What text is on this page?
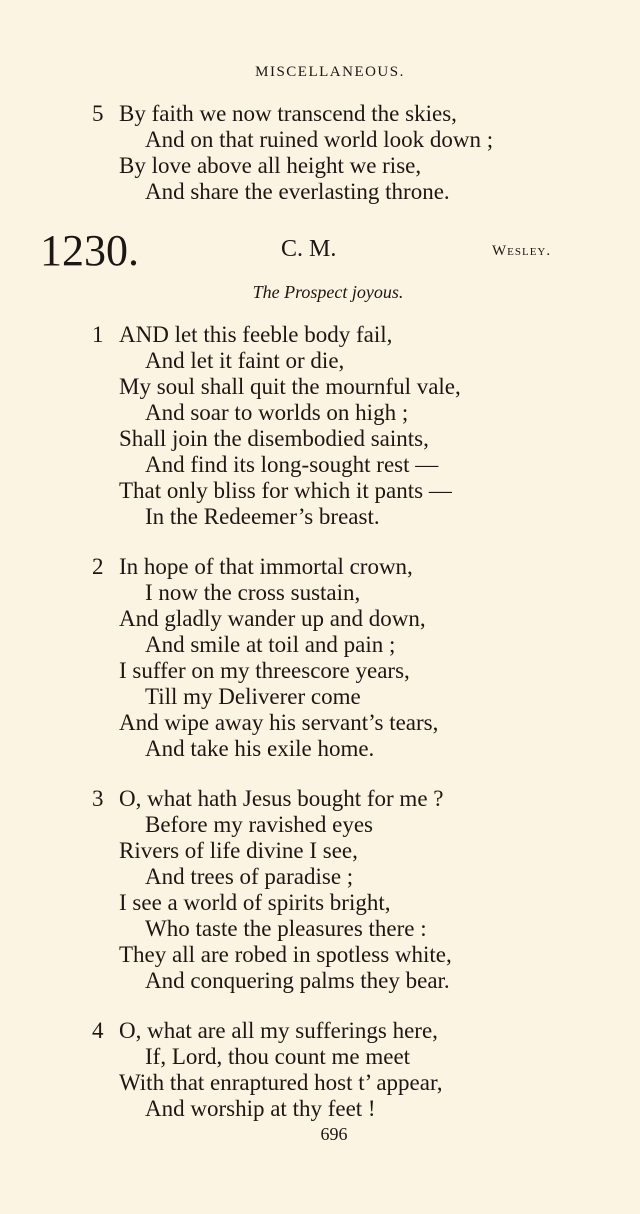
MISCELLANEOUS.
5 By faith we now transcend the skies,
And on that ruined world look down ;
By love above all height we rise,
And share the everlasting throne.
1230.	C. M.	Wesley.
The Prospect joyous.
1 AND let this feeble body fail,
And let it faint or die,
My soul shall quit the mournful vale,
And soar to worlds on high ;
Shall join the disembodied saints,
And find its long-sought rest —
That only bliss for which it pants —
In the Redeemer’s breast.
2 In hope of that immortal crown,
I now the cross sustain,
And gladly wander up and down,
And smile at toil and pain ;
I suffer on my threescore years,
Till my Deliverer come
And wipe away his servant’s tears,
And take his exile home.
3 O, what hath Jesus bought for me ?
Before my ravished eyes
Rivers of life divine I see,
And trees of paradise ;
I see a world of spirits bright,
Who taste the pleasures there :
They all are robed in spotless white,
And conquering palms they bear.
4 O, what are all my sufferings here,
If, Lord, thou count me meet
With that enraptured host t’ appear,
And worship at thy feet !
696
